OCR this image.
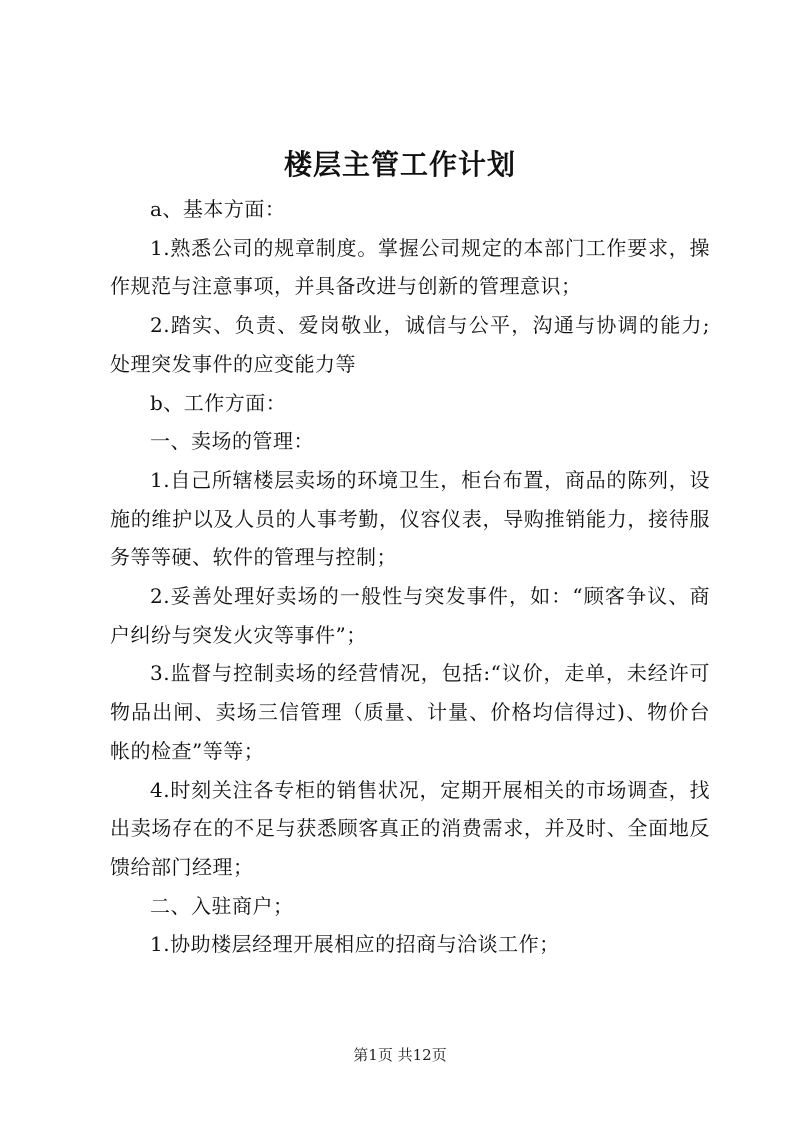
楼层主管工作计划

a、基本方面：

1.熟悉公司的规章制度。掌握公司规定的本部门工作要求，操作规范与注意事项，并具备改进与创新的管理意识；

2.踏实、负责、爱岗敬业，诚信与公平，沟通与协调的能力;处理突发事件的应变能力等

b、工作方面：

一、卖场的管理：

1.自己所辖楼层卖场的环境卫生，柜台布置，商品的陈列，设施的维护以及人员的人事考勤，仪容仪表，导购推销能力，接待服务等等硬、软件的管理与控制；

2.妥善处理好卖场的一般性与突发事件，如：“顾客争议、商户纠纷与突发火灾等事件”；

3.监督与控制卖场的经营情况，包括:“议价，走单，未经许可物品出闸、卖场三信管理（质量、计量、价格均信得过)、物价台帐的检查”等等；

4.时刻关注各专柜的销售状况，定期开展相关的市场调查，找出卖场存在的不足与获悉顾客真正的消费需求，并及时、全面地反馈给部门经理；

二、入驻商户；

1.协助楼层经理开展相应的招商与洽谈工作；

第1页 共12页
